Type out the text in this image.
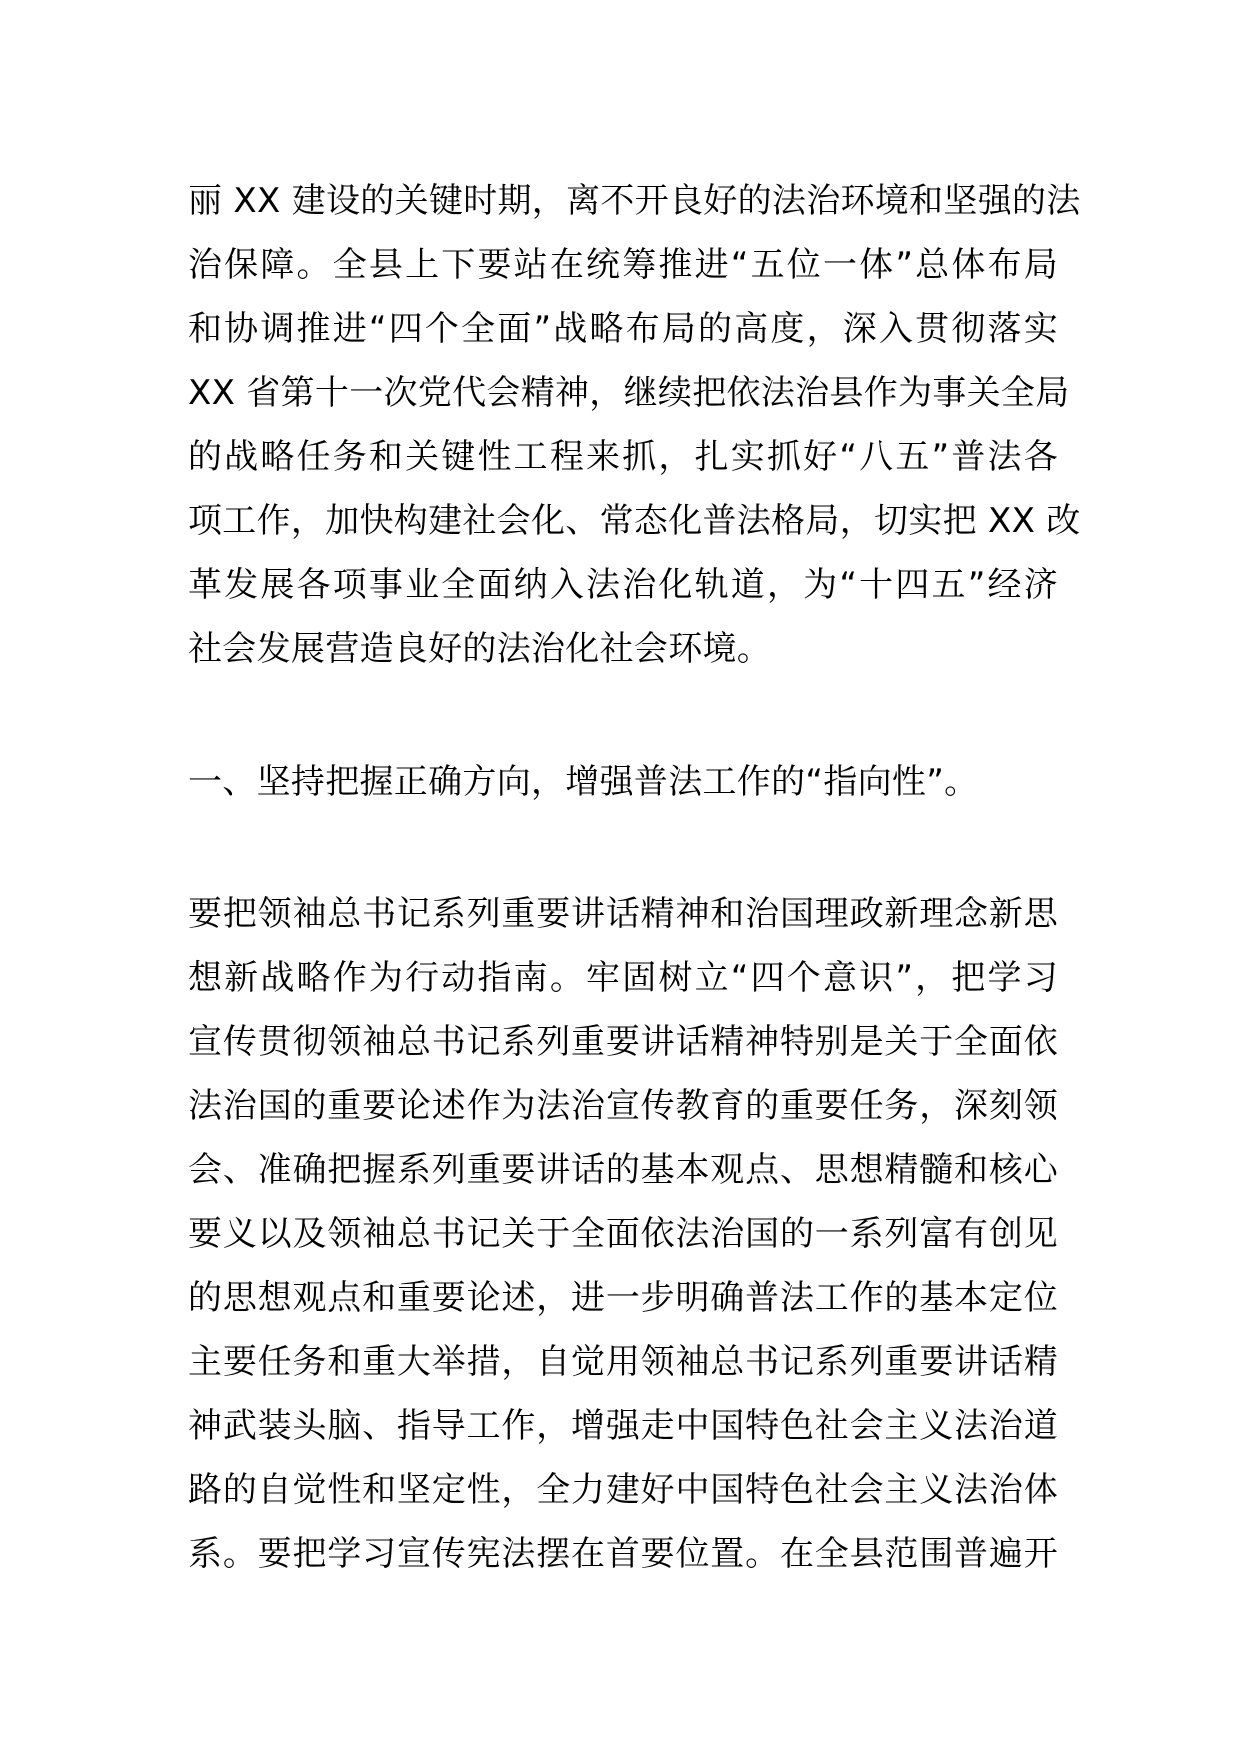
丽 XX 建设的关键时期，离不开良好的法治环境和坚强的法
治保障。全县上下要站在统筹推进“五位一体”总体布局
和协调推进“四个全面”战略布局的高度，深入贯彻落实
XX 省第十一次党代会精神，继续把依法治县作为事关全局
的战略任务和关键性工程来抓，扎实抓好“八五”普法各
项工作，加快构建社会化、常态化普法格局，切实把 XX 改
革发展各项事业全面纳入法治化轨道，为“十四五”经济
社会发展营造良好的法治化社会环境。
一、坚持把握正确方向，增强普法工作的“指向性”。
要把领袖总书记系列重要讲话精神和治国理政新理念新思
想新战略作为行动指南。牢固树立“四个意识”，把学习
宣传贯彻领袖总书记系列重要讲话精神特别是关于全面依
法治国的重要论述作为法治宣传教育的重要任务，深刻领
会、准确把握系列重要讲话的基本观点、思想精髓和核心
要义以及领袖总书记关于全面依法治国的一系列富有创见
的思想观点和重要论述，进一步明确普法工作的基本定位
主要任务和重大举措，自觉用领袖总书记系列重要讲话精
神武装头脑、指导工作，增强走中国特色社会主义法治道
路的自觉性和坚定性，全力建好中国特色社会主义法治体
系。要把学习宣传宪法摆在首要位置。在全县范围普遍开
